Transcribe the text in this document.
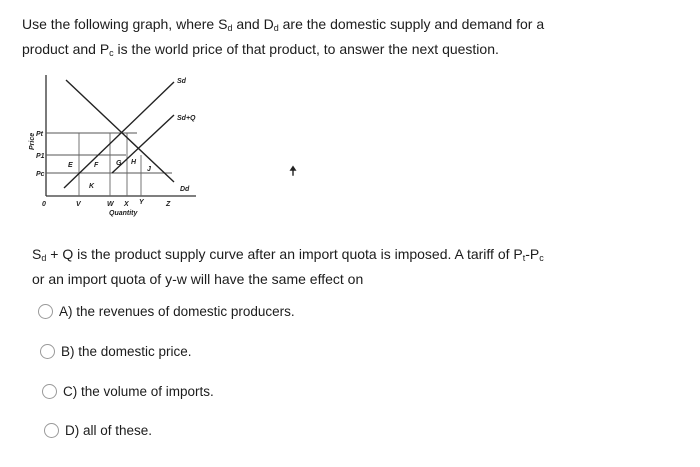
Use the following graph, where $S_d$ and $D_d$ are the domestic supply and demand for a
product and $P_c$ is the world price of that product, to answer the next question.
Price Pt
P1
Pc
Sd
Sd+Q
Dd
E	F	G H
J
K
0	V	W X Y	Z
Quantity
$S_d + Q$ is the product supply curve after an import quota is imposed. A tariff of $P_t-P_c$
or an import quota of y-w will have the same effect on
A) the revenues of domestic producers.
B) the domestic price.
C) the volume of imports.
D) all of these.
